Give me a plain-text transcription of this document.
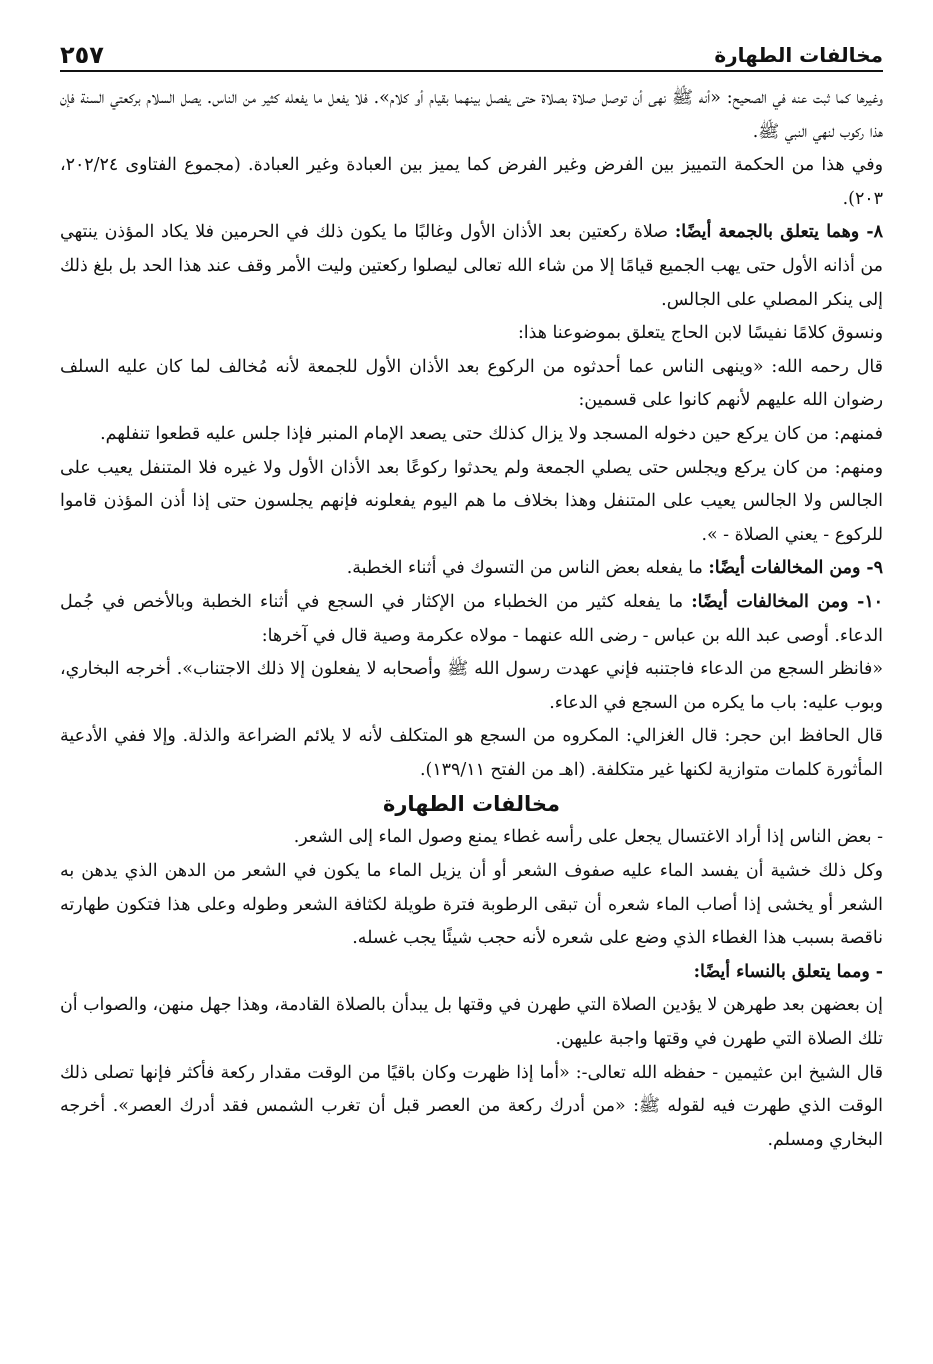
مخالفات الطهارة
٢٥٧

وغيرها كما ثبت عنه في الصحيح: «أنه ﷺ نهى أن توصل صلاة بصلاة حتى يفصل بينهما بقيام أو كلام». فلا يفعل ما يفعله كثير من الناس. يصل السلام بركعتي السنة فإن هذا ركوب لنهي النبي ﷺ.

وفي هذا من الحكمة التمييز بين الفرض وغير الفرض كما يميز بين العبادة وغير العبادة. (مجموع الفتاوى ٢٠٢/٢٤، ٢٠٣).

٨- وهما يتعلق بالجمعة أيضًا: صلاة ركعتين بعد الأذان الأول وغالبًا ما يكون ذلك في الحرمين فلا يكاد المؤذن ينتهي من أذانه الأول حتى يهب الجميع قيامًا إلا من شاء الله تعالى ليصلوا ركعتين وليت الأمر وقف عند هذا الحد بل بلغ ذلك إلى ينكر المصلي على الجالس.

ونسوق كلامًا نفيسًا لابن الحاج يتعلق بموضوعنا هذا:

قال رحمه الله: «وينهى الناس عما أحدثوه من الركوع بعد الأذان الأول للجمعة لأنه مُخالف لما كان عليه السلف رضوان الله عليهم لأنهم كانوا على قسمين:

فمنهم: من كان يركع حين دخوله المسجد ولا يزال كذلك حتى يصعد الإمام المنبر فإذا جلس عليه قطعوا تنفلهم.

ومنهم: من كان يركع ويجلس حتى يصلي الجمعة ولم يحدثوا ركوعًا بعد الأذان الأول ولا غيره فلا المتنفل يعيب على الجالس ولا الجالس يعيب على المتنفل وهذا بخلاف ما هم اليوم يفعلونه فإنهم يجلسون حتى إذا أذن المؤذن قاموا للركوع - يعني الصلاة - ».

٩- ومن المخالفات أيضًا: ما يفعله بعض الناس من التسوك في أثناء الخطبة.

١٠- ومن المخالفات أيضًا: ما يفعله كثير من الخطباء من الإكثار في السجع في أثناء الخطبة وبالأخص في جُمل الدعاء. أوصى عبد الله بن عباس - رضى الله عنهما - مولاه عكرمة وصية قال في آخرها:

«فانظر السجع من الدعاء فاجتنبه فإني عهدت رسول الله ﷺ وأصحابه لا يفعلون إلا ذلك الاجتناب». أخرجه البخاري، وبوب عليه: باب ما يكره من السجع في الدعاء.

قال الحافظ ابن حجر: قال الغزالي: المكروه من السجع هو المتكلف لأنه لا يلائم الضراعة والذلة. وإلا ففي الأدعية المأثورة كلمات متوازية لكنها غير متكلفة. (اهـ من الفتح ١٣٩/١١).

مخالفات الطهارة

- بعض الناس إذا أراد الاغتسال يجعل على رأسه غطاء يمنع وصول الماء إلى الشعر.

وكل ذلك خشية أن يفسد الماء عليه صفوف الشعر أو أن يزيل الماء ما يكون في الشعر من الدهن الذي يدهن به الشعر أو يخشى إذا أصاب الماء شعره أن تبقى الرطوبة فترة طويلة لكثافة الشعر وطوله وعلى هذا فتكون طهارته ناقصة بسبب هذا الغطاء الذي وضع على شعره لأنه حجب شيئًا يجب غسله.

- ومما يتعلق بالنساء أيضًا:

إن بعضهن بعد طهرهن لا يؤدين الصلاة التي طهرن في وقتها بل يبدأن بالصلاة القادمة، وهذا جهل منهن، والصواب أن تلك الصلاة التي طهرن في وقتها واجبة عليهن.

قال الشيخ ابن عثيمين - حفظه الله تعالى-: «أما إذا ظهرت وكان باقيًا من الوقت مقدار ركعة فأكثر فإنها تصلى ذلك الوقت الذي طهرت فيه لقوله ﷺ: «من أدرك ركعة من العصر قبل أن تغرب الشمس فقد أدرك العصر». أخرجه البخاري ومسلم.
